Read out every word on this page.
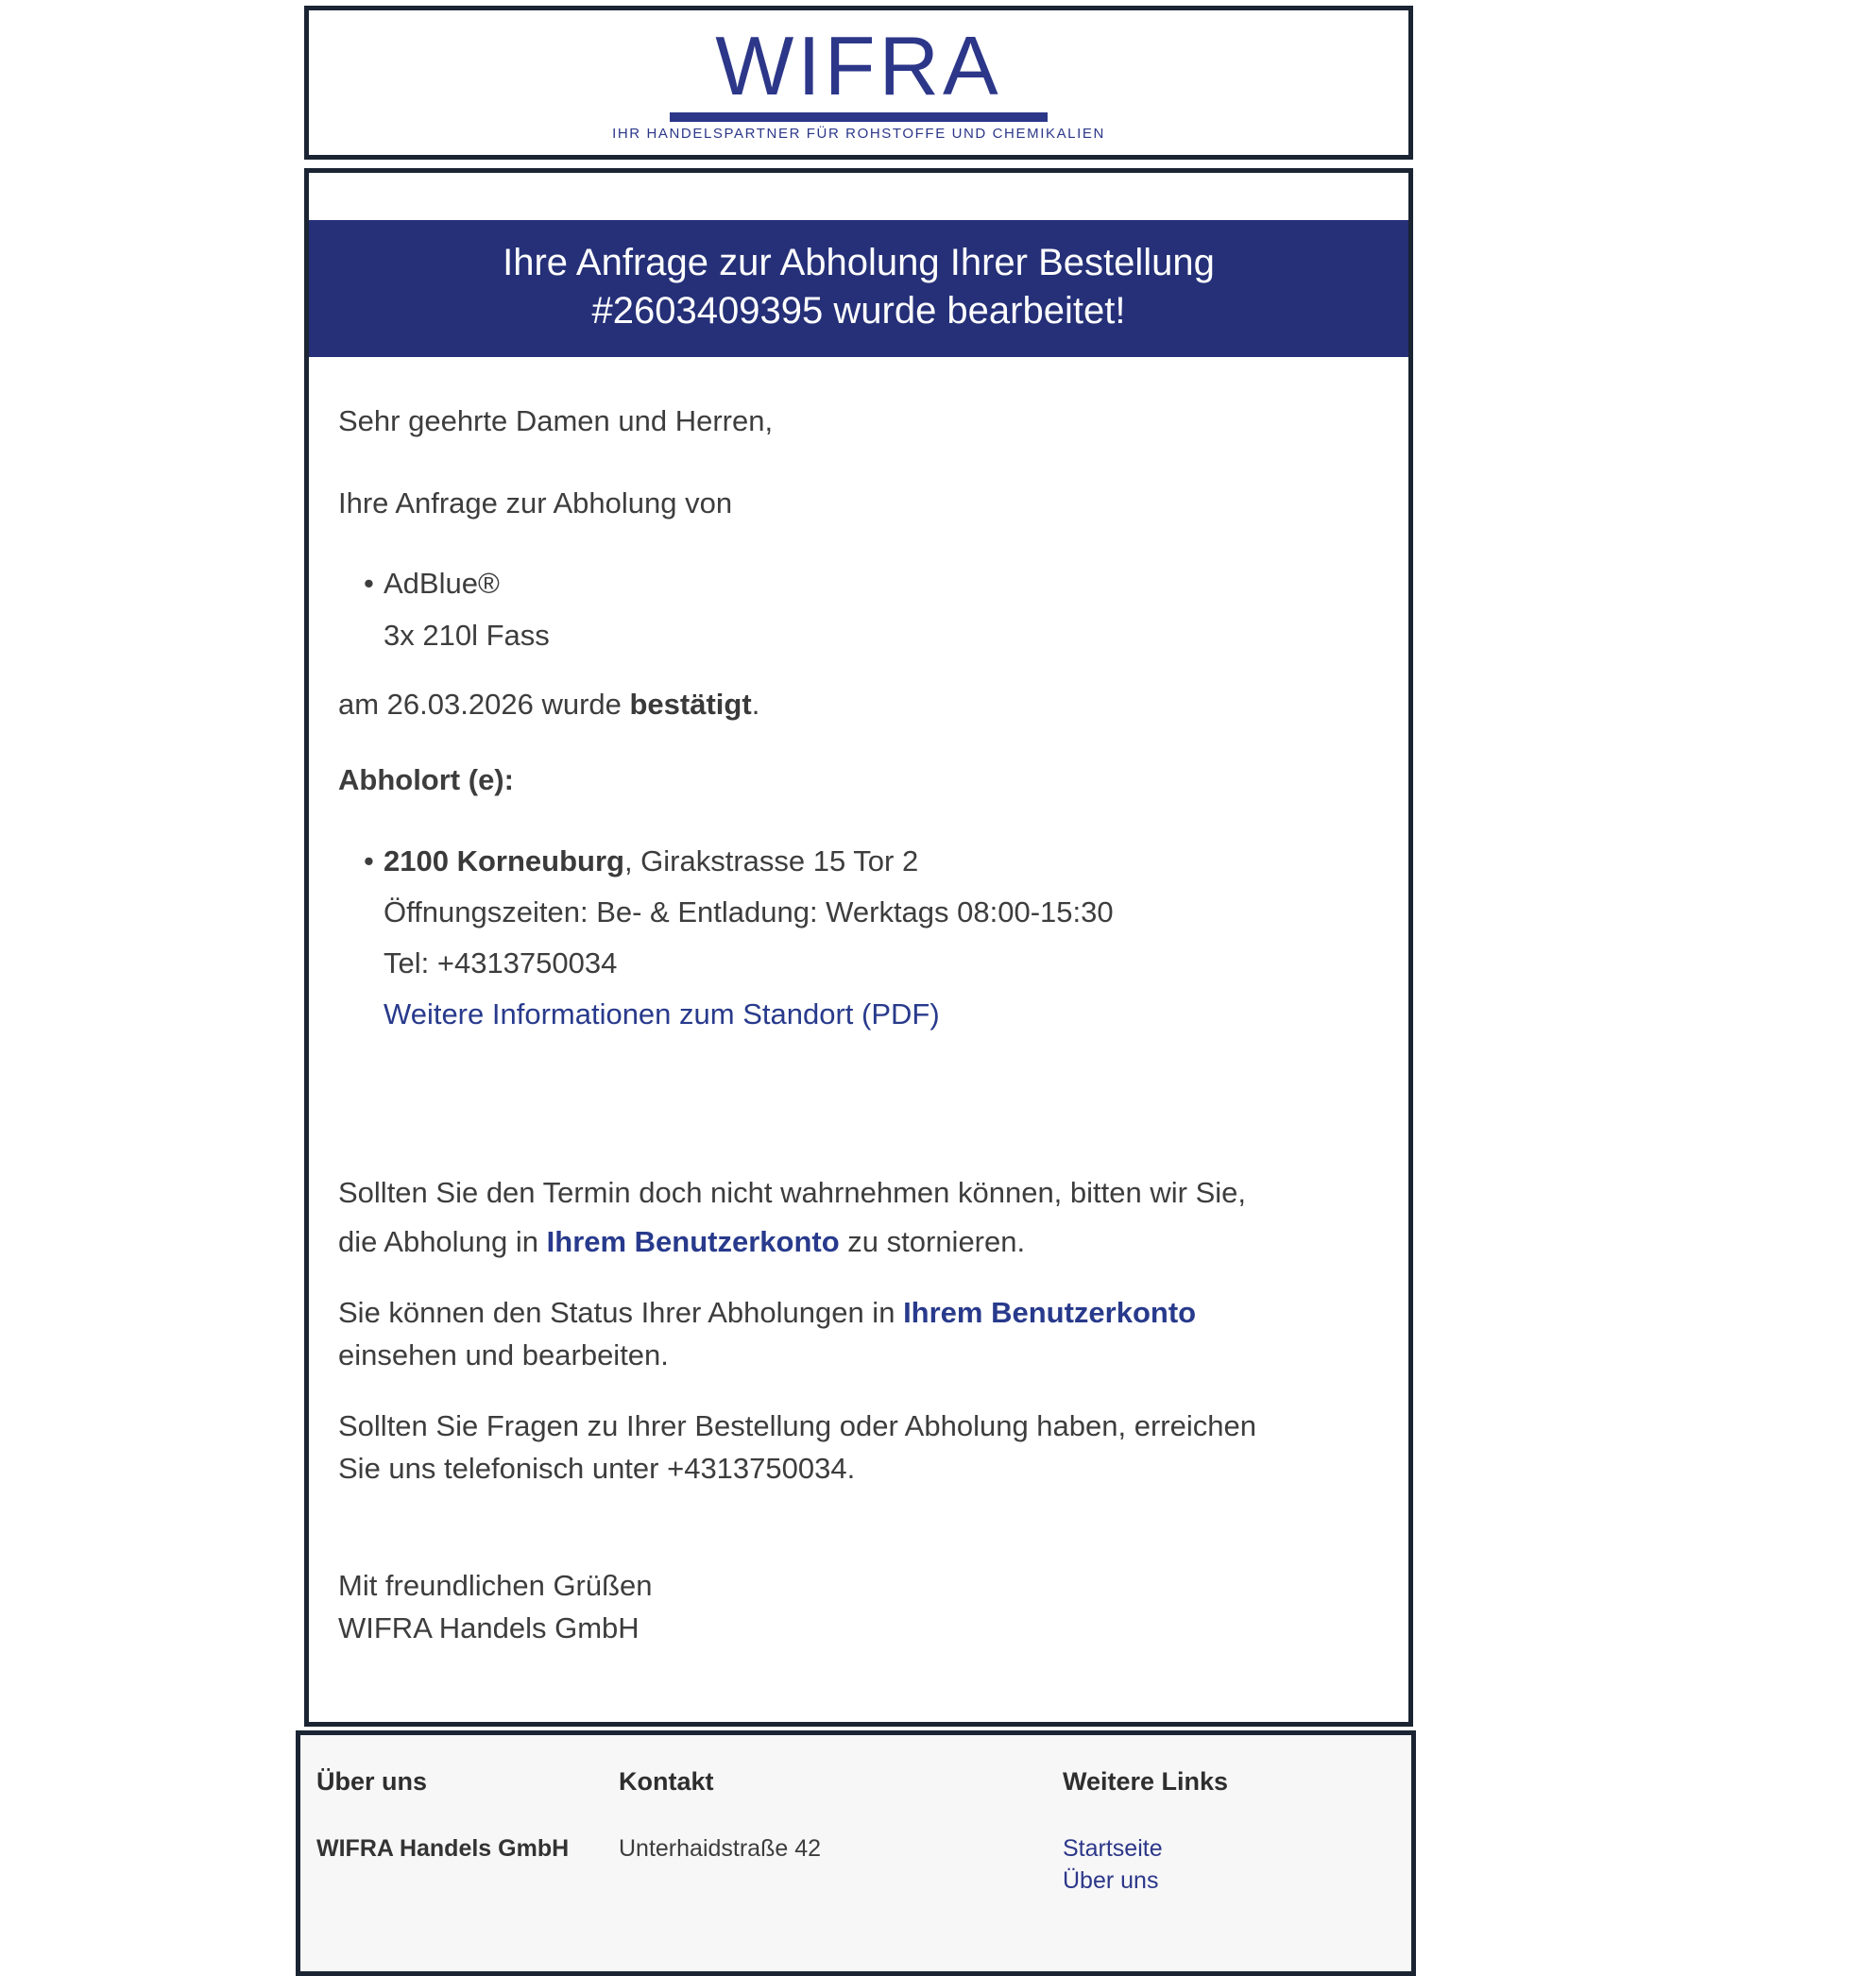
WIFRA
IHR HANDELSPARTNER FÜR ROHSTOFFE UND CHEMIKALIEN
Ihre Anfrage zur Abholung Ihrer Bestellung
#2603409395 wurde bearbeitet!

Sehr geehrte Damen und Herren,

Ihre Anfrage zur Abholung von

• AdBlue®
3x 210l Fass

am 26.03.2026 wurde bestätigt.

Abholort (e):

• 2100 Korneuburg, Girakstrasse 15 Tor 2
Öffnungszeiten: Be- & Entladung: Werktags 08:00-15:30
Tel: +4313750034
Weitere Informationen zum Standort (PDF)

Sollten Sie den Termin doch nicht wahrnehmen können, bitten wir Sie,
die Abholung in Ihrem Benutzerkonto zu stornieren.

Sie können den Status Ihrer Abholungen in Ihrem Benutzerkonto
einsehen und bearbeiten.

Sollten Sie Fragen zu Ihrer Bestellung oder Abholung haben, erreichen
Sie uns telefonisch unter +4313750034.

Mit freundlichen Grüßen
WIFRA Handels GmbH

Über uns
WIFRA Handels GmbH
Kontakt
Unterhaidstraße 42
Weitere Links
Startseite
Über uns
